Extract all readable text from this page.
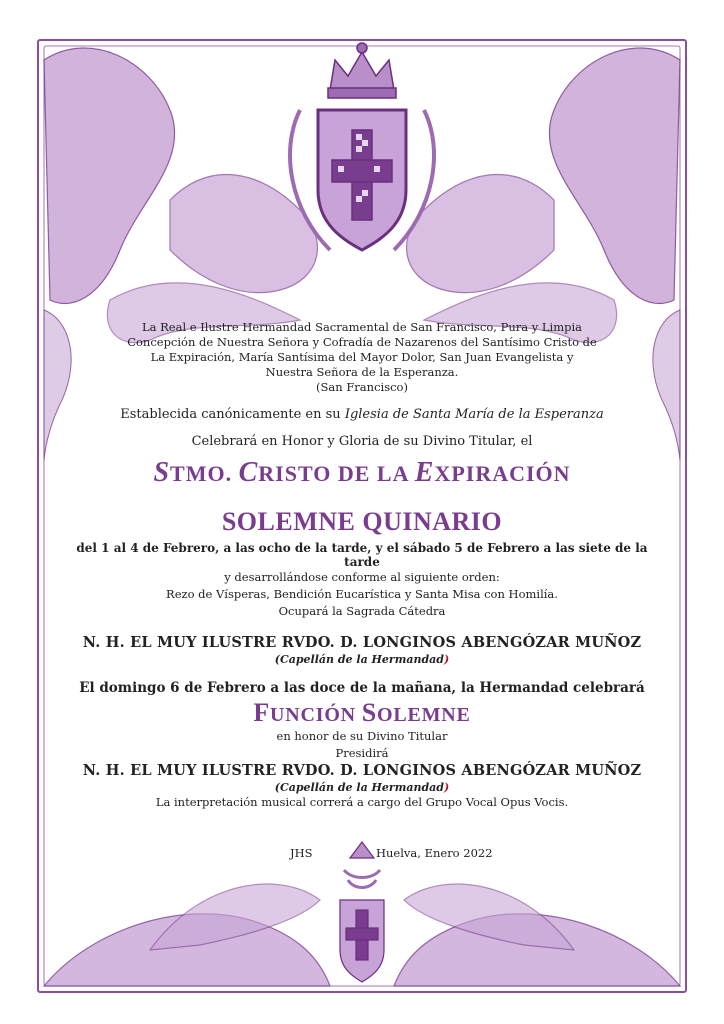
La Real e Ilustre Hermandad Sacramental de San Francisco, Pura y Limpia
Concepción de Nuestra Señora y Cofradía de Nazarenos del Santísimo Cristo de
La Expiración, María Santísima del Mayor Dolor, San Juan Evangelista y
Nuestra Señora de la Esperanza.
(San Francisco)
Establecida canónicamente en su Iglesia de Santa María de la Esperanza
Celebrará en Honor y Gloria de su Divino Titular, el
STMO. CRISTO DE LA EXPIRACIÓN
SOLEMNE QUINARIO
del 1 al 4 de Febrero, a las ocho de la tarde, y el sábado 5 de Febrero a las siete de la tarde
y desarrollándose conforme al siguiente orden:
Rezo de Vísperas, Bendición Eucarística y Santa Misa con Homilía.
Ocupará la Sagrada Cátedra
N. H. EL MUY ILUSTRE RVDO. D. LONGINOS ABENGÓZAR MUÑOZ
(Capellán de la Hermandad)
El domingo 6 de Febrero a las doce de la mañana, la Hermandad celebrará
FUNCIÓN SOLEMNE
en honor de su Divino Titular
Presidirá
N. H. EL MUY ILUSTRE RVDO. D. LONGINOS ABENGÓZAR MUÑOZ
(Capellán de la Hermandad)
La interpretación musical correrá a cargo del Grupo Vocal Opus Vocis.
JHS	Huelva, Enero 2022
